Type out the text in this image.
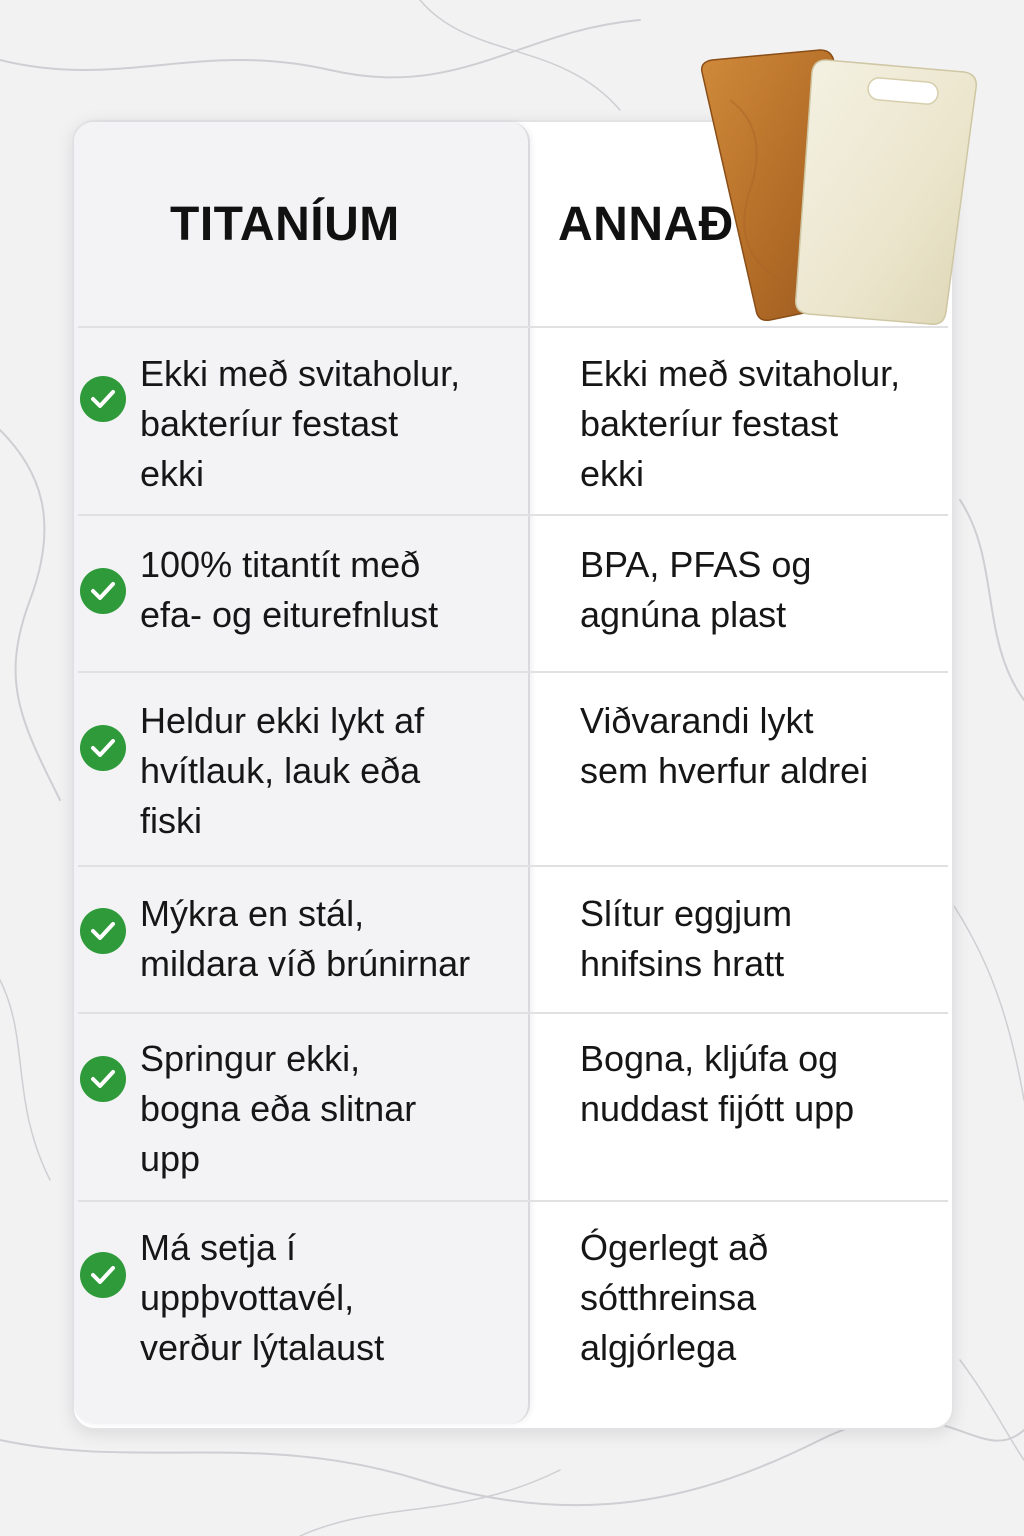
TITANÍUM	ANNAÐ
Ekki með svitaholur,
bakteríur festast
ekki
Ekki með svitaholur,
bakteríur festast
ekki
100% titantít með
efa- og eiturefnlust
BPA, PFAS og
agnúna plast
Heldur ekki lykt af
hvítlauk, lauk eða
fiski
Viðvarandi lykt
sem hverfur aldrei
Mýkra en stál,
mildara víð brúnirnar
Slítur eggjum
hnifsins hratt
Springur ekki,
bogna eða slitnar
upp
Bogna, kljúfa og
nuddast fijótt upp
Má setja í
uppþvottavél,
verður lýtalaust
Ógerlegt að
sótthreinsa
algjórlega
